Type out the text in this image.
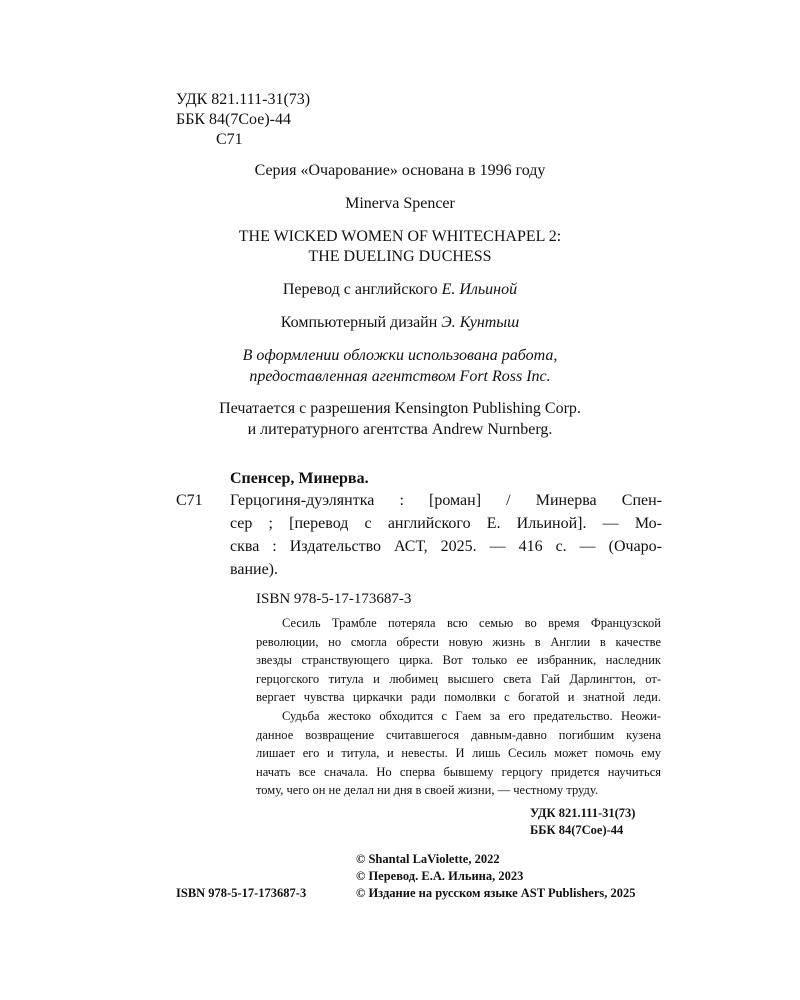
УДК 821.111-31(73)
ББК 84(7Сое)-44
С71
Серия «Очарование» основана в 1996 году
Minerva Spencer
THE WICKED WOMEN OF WHITECHAPEL 2:
THE DUELING DUCHESS
Перевод с английского Е. Ильиной
Компьютерный дизайн Э. Кунтыш
В оформлении обложки использована работа,
предоставленная агентством Fort Ross Inc.
Печатается с разрешения Kensington Publishing Corp.
и литературного агентства Andrew Nurnberg.
Спенсер, Минерва.
С71 Герцогиня-дуэлянтка : [роман] / Минерва Спен-
сер ; [перевод с английского Е. Ильиной]. — Мо-
сква : Издательство АСТ, 2025. — 416 с. — (Очаро-
вание).
ISBN 978-5-17-173687-3
Сесиль Трамбле потеряла всю семью во время Французской
революции, но смогла обрести новую жизнь в Англии в качестве
звезды странствующего цирка. Вот только ее избранник, наследник
герцогского титула и любимец высшего света Гай Дарлингтон, от-
вергает чувства циркачки ради помолвки с богатой и знатной леди.
Судьба жестоко обходится с Гаем за его предательство. Неожи-
данное возвращение считавшегося давным-давно погибшим кузена
лишает его и титула, и невесты. И лишь Сесиль может помочь ему
начать все сначала. Но сперва бывшему герцогу придется научиться
тому, чего он не делал ни дня в своей жизни, — честному труду.
УДК 821.111-31(73)
ББК 84(7Сое)-44
© Shantal LaViolette, 2022
© Перевод. Е.А. Ильина, 2023
ISBN 978-5-17-173687-3	© Издание на русском языке AST Publishers, 2025
